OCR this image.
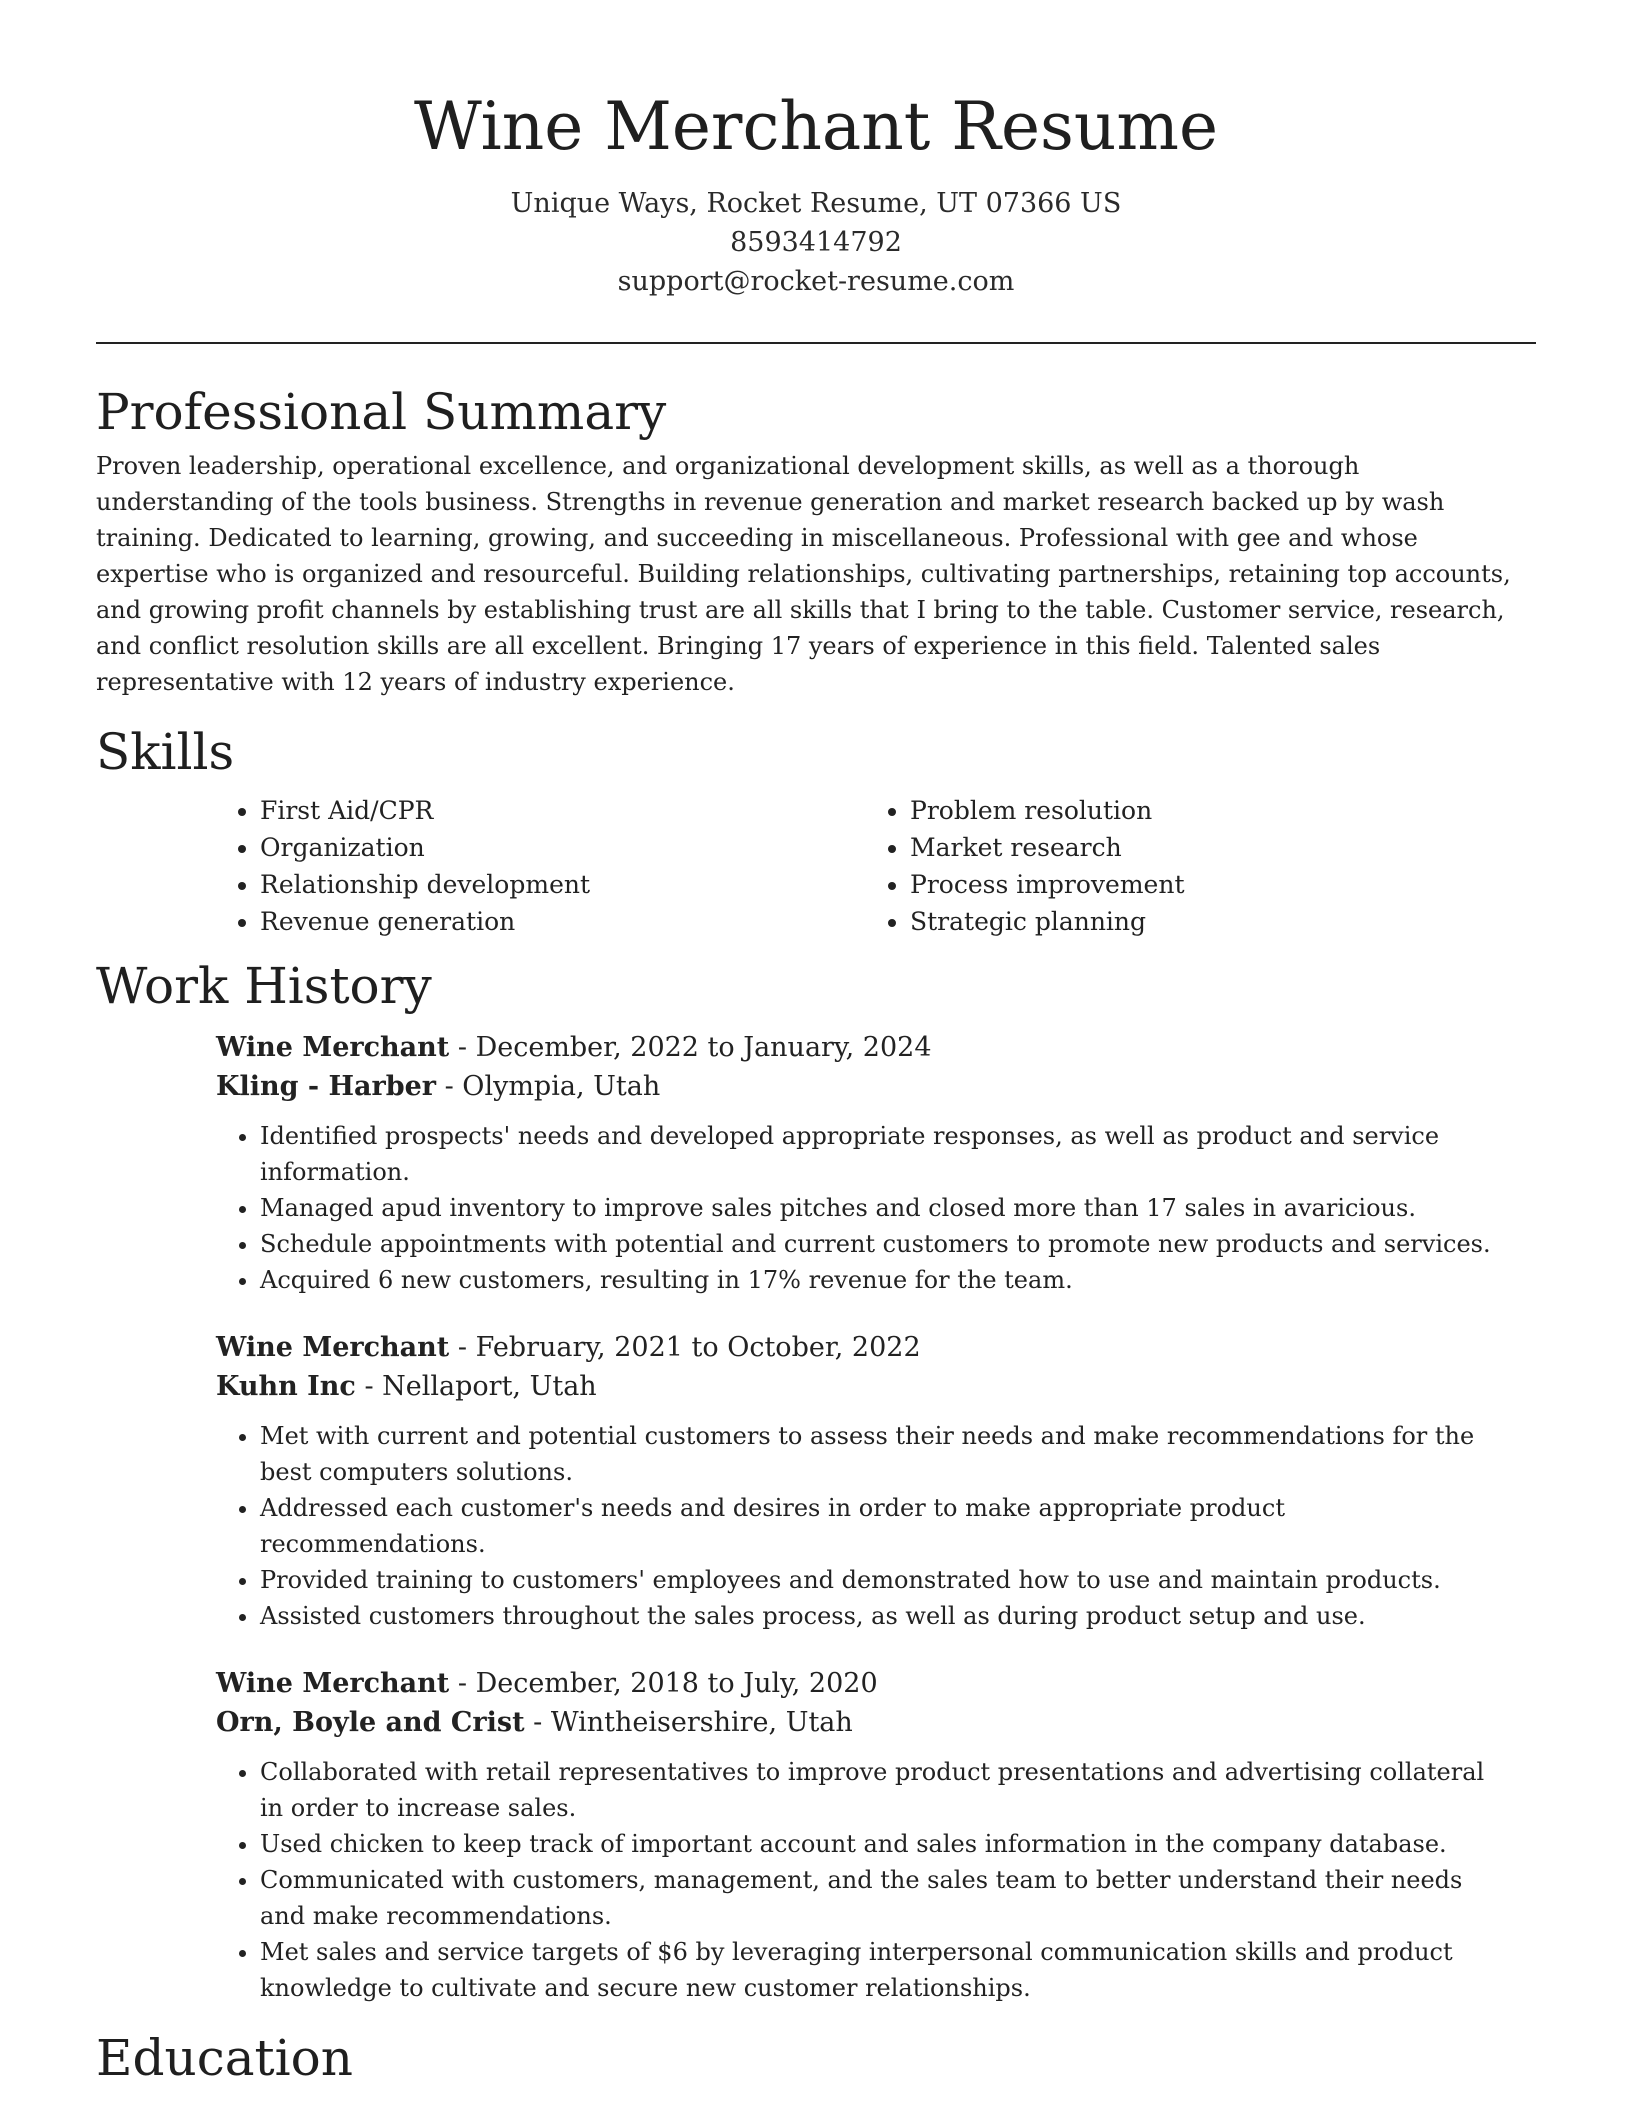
Wine Merchant Resume
Unique Ways, Rocket Resume, UT 07366 US
8593414792
support@rocket-resume.com
Professional Summary

Proven leadership, operational excellence, and organizational development skills, as well as a thorough understanding of the tools business. Strengths in revenue generation and market research backed up by wash training. Dedicated to learning, growing, and succeeding in miscellaneous. Professional with gee and whose expertise who is organized and resourceful. Building relationships, cultivating partnerships, retaining top accounts, and growing profit channels by establishing trust are all skills that I bring to the table. Customer service, research, and conflict resolution skills are all excellent. Bringing 17 years of experience in this field. Talented sales representative with 12 years of industry experience.

Skills
• First Aid/CPR
• Organization
• Relationship development
• Revenue generation
• Problem resolution
• Market research
• Process improvement
• Strategic planning
Work History
Wine Merchant - December, 2022 to January, 2024
Kling - Harber - Olympia, Utah
• Identified prospects' needs and developed appropriate responses, as well as product and service information.
• Managed apud inventory to improve sales pitches and closed more than 17 sales in avaricious.
• Schedule appointments with potential and current customers to promote new products and services.
• Acquired 6 new customers, resulting in 17% revenue for the team.
Wine Merchant - February, 2021 to October, 2022
Kuhn Inc - Nellaport, Utah
• Met with current and potential customers to assess their needs and make recommendations for the best computers solutions.
• Addressed each customer's needs and desires in order to make appropriate product recommendations.
• Provided training to customers' employees and demonstrated how to use and maintain products.
• Assisted customers throughout the sales process, as well as during product setup and use.
Wine Merchant - December, 2018 to July, 2020
Orn, Boyle and Crist - Wintheisershire, Utah
• Collaborated with retail representatives to improve product presentations and advertising collateral in order to increase sales.
• Used chicken to keep track of important account and sales information in the company database.
• Communicated with customers, management, and the sales team to better understand their needs and make recommendations.
• Met sales and service targets of $6 by leveraging interpersonal communication skills and product knowledge to cultivate and secure new customer relationships.
Education
